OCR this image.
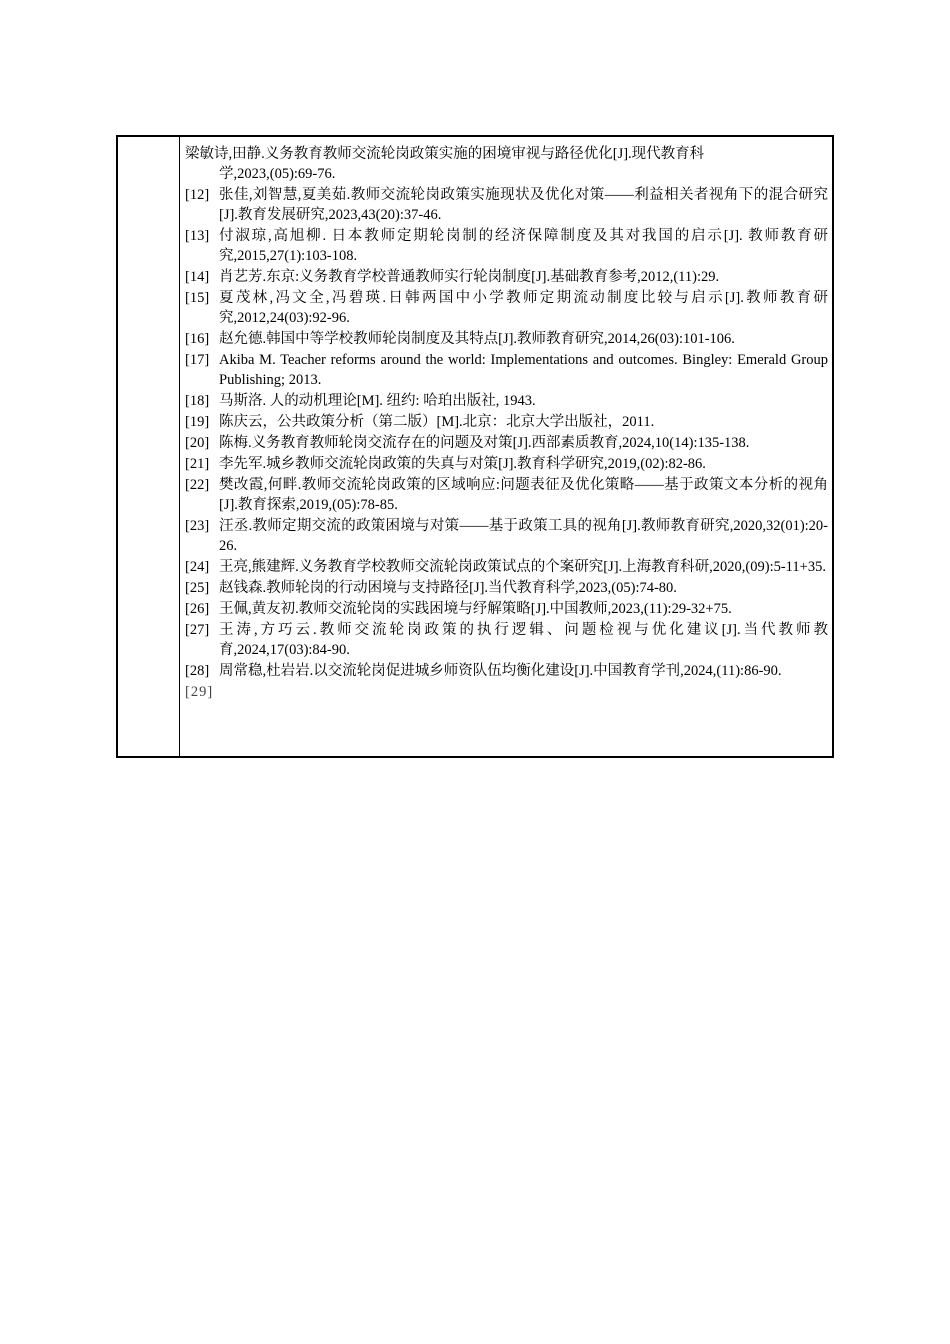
梁敏诗,田静.义务教育教师交流轮岗政策实施的困境审视与路径优化[J].现代教育科
学,2023,(05):69-76.
[12] 张佳,刘智慧,夏美茹.教师交流轮岗政策实施现状及优化对策——利益相关者视角下的混合研究[J].教育发展研究,2023,43(20):37-46.
[13] 付淑琼,高旭柳. 日本教师定期轮岗制的经济保障制度及其对我国的启示[J]. 教师教育研究,2015,27(1):103-108.
[14] 肖艺芳.东京:义务教育学校普通教师实行轮岗制度[J].基础教育参考,2012,(11):29.
[15] 夏茂林,冯文全,冯碧瑛.日韩两国中小学教师定期流动制度比较与启示[J].教师教育研究,2012,24(03):92-96.
[16] 赵允德.韩国中等学校教师轮岗制度及其特点[J].教师教育研究,2014,26(03):101-106.
[17] Akiba M. Teacher reforms around the world: Implementations and outcomes. Bingley: Emerald Group Publishing; 2013.
[18] 马斯洛. 人的动机理论[M]. 纽约: 哈珀出版社, 1943.
[19] 陈庆云，公共政策分析（第二版）[M].北京：北京大学出版社，2011.
[20] 陈梅.义务教育教师轮岗交流存在的问题及对策[J].西部素质教育,2024,10(14):135-138.
[21] 李先军.城乡教师交流轮岗政策的失真与对策[J].教育科学研究,2019,(02):82-86.
[22] 樊改霞,何畔.教师交流轮岗政策的区域响应:问题表征及优化策略——基于政策文本分析的视角[J].教育探索,2019,(05):78-85.
[23] 汪丞.教师定期交流的政策困境与对策——基于政策工具的视角[J].教师教育研究,2020,32(01):20-26.
[24] 王亮,熊建辉.义务教育学校教师交流轮岗政策试点的个案研究[J].上海教育科研,2020,(09):5-11+35.
[25] 赵钱森.教师轮岗的行动困境与支持路径[J].当代教育科学,2023,(05):74-80.
[26] 王佩,黄友初.教师交流轮岗的实践困境与纾解策略[J].中国教师,2023,(11):29-32+75.
[27] 王涛,方巧云.教师交流轮岗政策的执行逻辑、问题检视与优化建议[J].当代教师教育,2024,17(03):84-90.
[28] 周常稳,杜岩岩.以交流轮岗促进城乡师资队伍均衡化建设[J].中国教育学刊,2024,(11):86-90.
[29]
